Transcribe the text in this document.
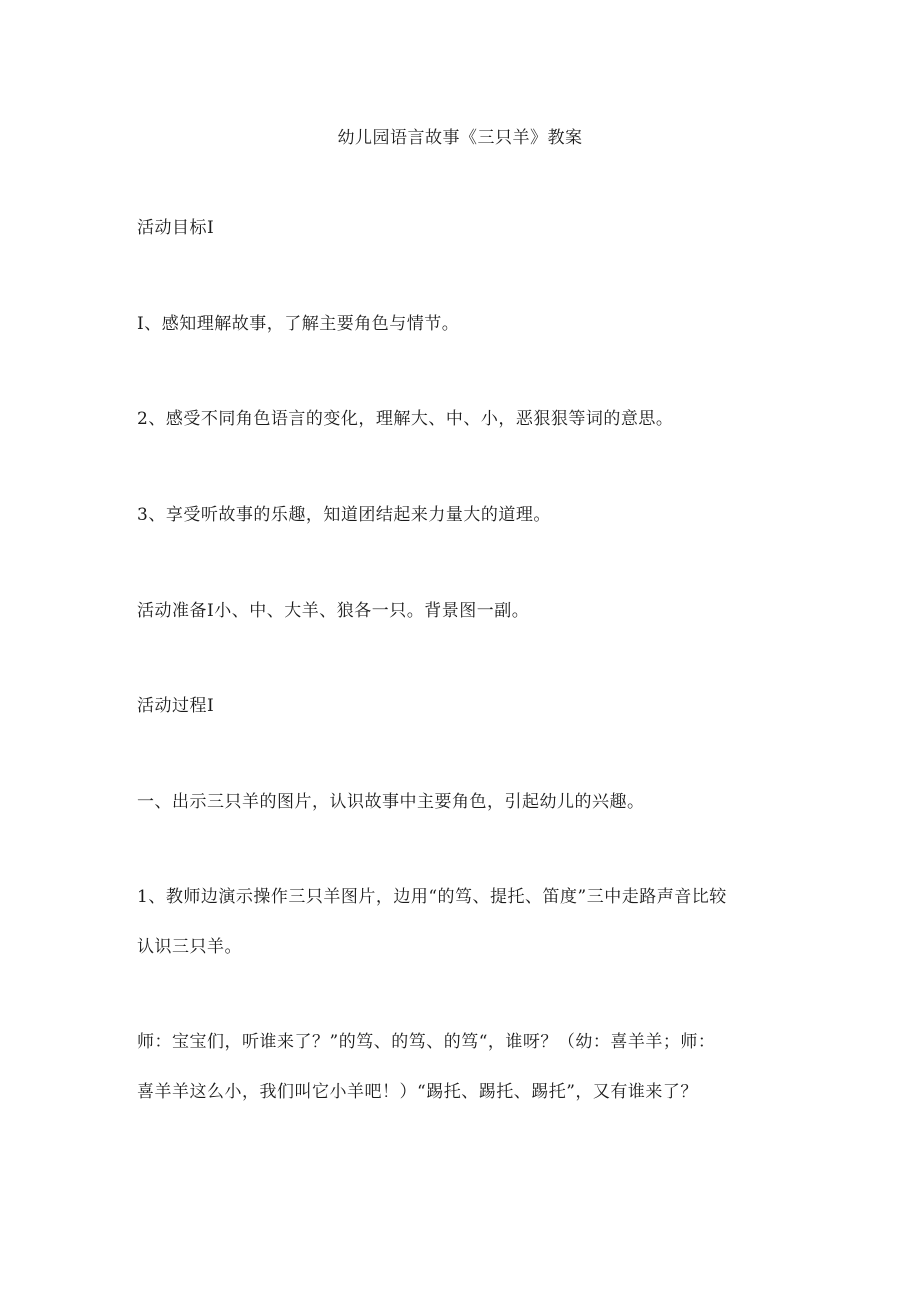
幼儿园语言故事《三只羊》教案
活动目标I
I、感知理解故事，了解主要角色与情节。
2、感受不同角色语言的变化，理解大、中、小，恶狠狠等词的意思。
3、享受听故事的乐趣，知道团结起来力量大的道理。
活动准备I小、中、大羊、狼各一只。背景图一副。
活动过程I
一、出示三只羊的图片，认识故事中主要角色，引起幼儿的兴趣。
1、教师边演示操作三只羊图片，边用“的笃、提托、笛度”三中走路声音比较
认识三只羊。
师：宝宝们，听谁来了？”的笃、的笃、的笃“，谁呀？（幼：喜羊羊；师：
喜羊羊这么小，我们叫它小羊吧！）“踢托、踢托、踢托”，又有谁来了？
